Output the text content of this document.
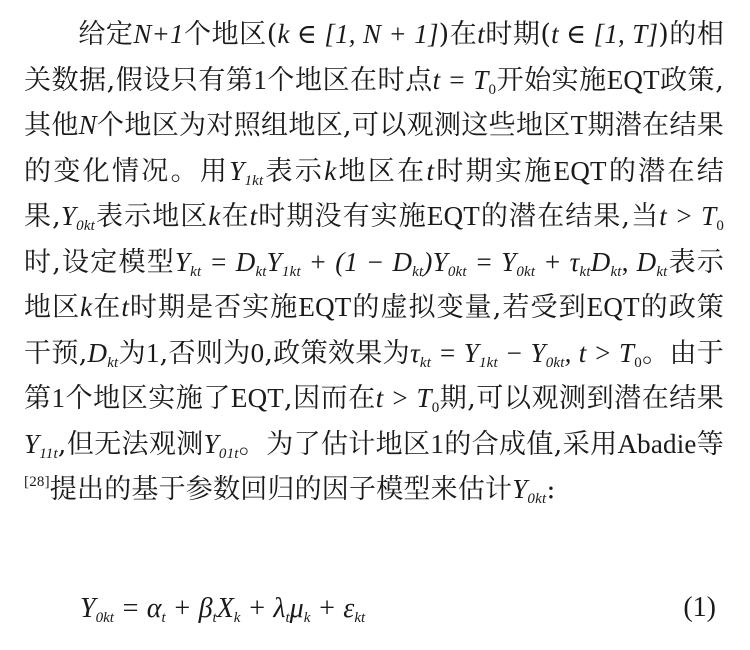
给定N+1个地区(k ∈ [1, N + 1])在t时期(t ∈ [1, T])的相关数据,假设只有第1个地区在时点$t = T_0$开始实施EQT政策,其他N个地区为对照组地区,可以观测这些地区T期潜在结果的变化情况。用$Y_{1kt}$表示k地区在t时期实施EQT的潜在结果$,Y_{0kt}$表示地区k在t时期没有实施EQT的潜在结果,当$t > T_0$时,设定模型$Y_{kt} = D_{kt}Y_{1kt} + (1 - D_{kt})Y_{0kt} = Y_{0kt} + \tau_{kt}D_{kt}$, $D_{kt}$表示地区k在t时期是否实施EQT的虚拟变量,若受到EQT的政策干预$,D_{kt}$为1,否则为0,政策效果为$\tau_{kt} = Y_{1kt} - Y_{0kt}$, $t > T_0$。由于第1个地区实施了EQT,因而在$t > T_0$期,可以观测到潜在结果$Y_{11t}$,但无法观测$Y_{01t}$。为了估计地区1的合成值,采用Abadie等[28]提出的基于参数回归的因子模型来估计$Y_{0kt}$:

$Y_{0kt} = \alpha_t + \beta_tX_k + \lambda_t\mu_k + \varepsilon_{kt}$	(1)
